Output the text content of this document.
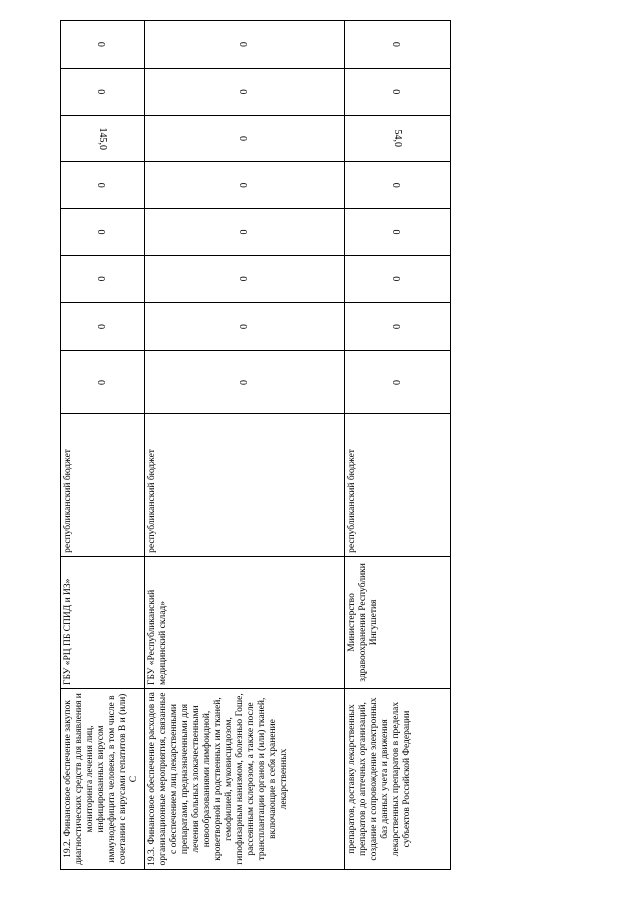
19.2. Финансовое обеспечение закупок диагностических средств для выявления и мониторинга лечения лиц, инфицированных вирусом иммунодефицита человека, в том числе в сочетании с вирусами гепатитов B и (или) C	ГБУ «РЦ ПБ СПИД и ИЗ»	республиканский бюджет	0	0	0	0	0	145,0	0	0
19.3. Финансовое обеспечение расходов на организационные мероприятия, связанные с обеспечением лиц лекарственными препаратами, предназначенными для лечения больных злокачественными новообразованиями лимфоидной, кроветворной и родственных им тканей, гемофилией, муковисцидозом, гипофизарным нанизмом, болезнью Гоше, рассеянным склерозом, а также после трансплантации органов и (или) тканей, включающие в себя хранение лекарственных	ГБУ «Республиканский медицинский склад»	республиканский бюджет	0	0	0	0	0	0	0	0
препаратов, доставку лекарственных препаратов до аптечных организаций, создание и сопровождение электронных баз данных учета и движения лекарственных препаратов в пределах субъектов Российской Федерации	Министерство здравоохранения Республики Ингушетия	республиканский бюджет	0	0	0	0	0	54,0	0	0
